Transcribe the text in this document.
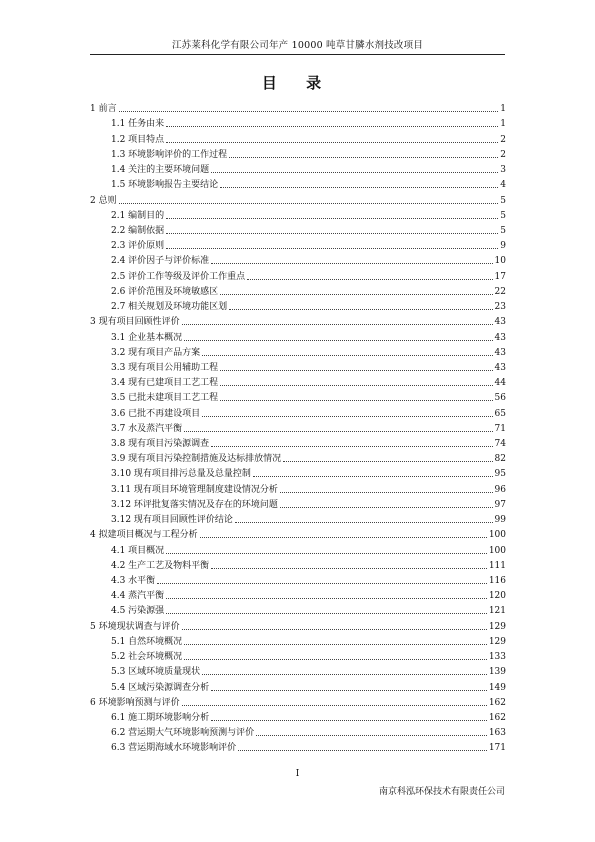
江苏莱科化学有限公司年产 10000 吨草甘膦水剂技改项目
目 录
1 前言	1
1.1 任务由来	1
1.2 项目特点	2
1.3 环境影响评价的工作过程	2
1.4 关注的主要环境问题	3
1.5 环境影响报告主要结论	4
2 总则	5
2.1 编制目的	5
2.2 编制依据	5
2.3 评价原则	9
2.4 评价因子与评价标准	10
2.5 评价工作等级及评价工作重点	17
2.6 评价范围及环境敏感区	22
2.7 相关规划及环境功能区划	23
3 现有项目回顾性评价	43
3.1 企业基本概况	43
3.2 现有项目产品方案	43
3.3 现有项目公用辅助工程	43
3.4 现有已建项目工艺工程	44
3.5 已批未建项目工艺工程	56
3.6 已批不再建设项目	65
3.7 水及蒸汽平衡	71
3.8 现有项目污染源调查	74
3.9 现有项目污染控制措施及达标排放情况	82
3.10 现有项目排污总量及总量控制	95
3.11 现有项目环境管理制度建设情况分析	96
3.12 环评批复落实情况及存在的环境问题	97
3.12 现有项目回顾性评价结论	99
4 拟建项目概况与工程分析	100
4.1 项目概况	100
4.2 生产工艺及物料平衡	111
4.3 水平衡	116
4.4 蒸汽平衡	120
4.5 污染源强	121
5 环境现状调查与评价	129
5.1 自然环境概况	129
5.2 社会环境概况	133
5.3 区域环境质量现状	139
5.4 区域污染源调查分析	149
6 环境影响预测与评价	162
6.1 施工期环境影响分析	162
6.2 营运期大气环境影响预测与评价	163
6.3 营运期海域水环境影响评价	171
I
南京科泓环保技术有限责任公司
